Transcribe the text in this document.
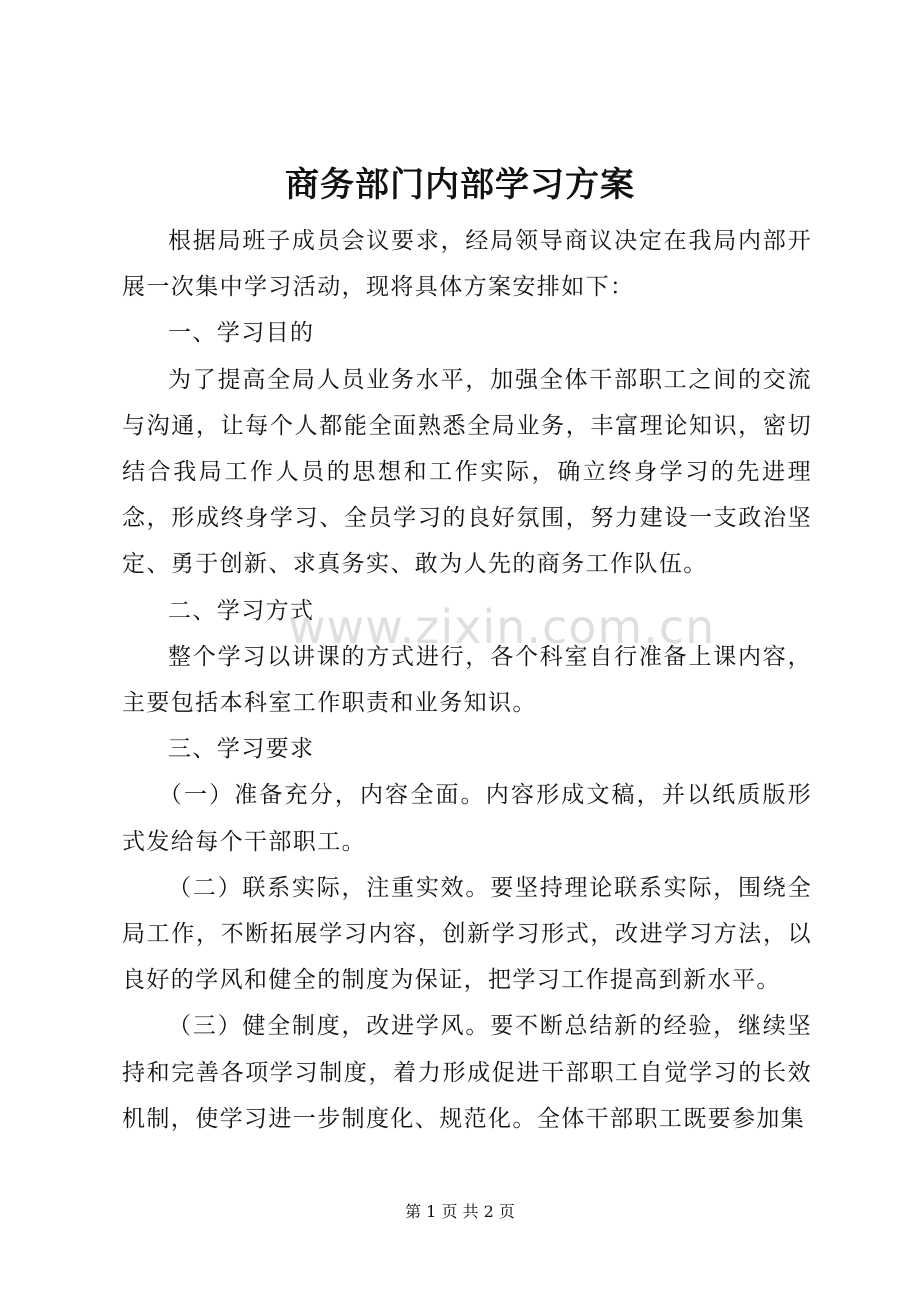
商务部门内部学习方案

根据局班子成员会议要求，经局领导商议决定在我局内部开展一次集中学习活动，现将具体方案安排如下：

一、学习目的

为了提高全局人员业务水平，加强全体干部职工之间的交流与沟通，让每个人都能全面熟悉全局业务，丰富理论知识，密切结合我局工作人员的思想和工作实际，确立终身学习的先进理念，形成终身学习、全员学习的良好氛围，努力建设一支政治坚定、勇于创新、求真务实、敢为人先的商务工作队伍。

二、学习方式

整个学习以讲课的方式进行，各个科室自行准备上课内容，主要包括本科室工作职责和业务知识。

三、学习要求

（一）准备充分，内容全面。内容形成文稿，并以纸质版形式发给每个干部职工。

（二）联系实际，注重实效。要坚持理论联系实际，围绕全局工作，不断拓展学习内容，创新学习形式，改进学习方法，以良好的学风和健全的制度为保证，把学习工作提高到新水平。

（三）健全制度，改进学风。要不断总结新的经验，继续坚持和完善各项学习制度，着力形成促进干部职工自觉学习的长效机制，使学习进一步制度化、规范化。全体干部职工既要参加集

www.zixin.com.cn
第 1 页 共 2 页
